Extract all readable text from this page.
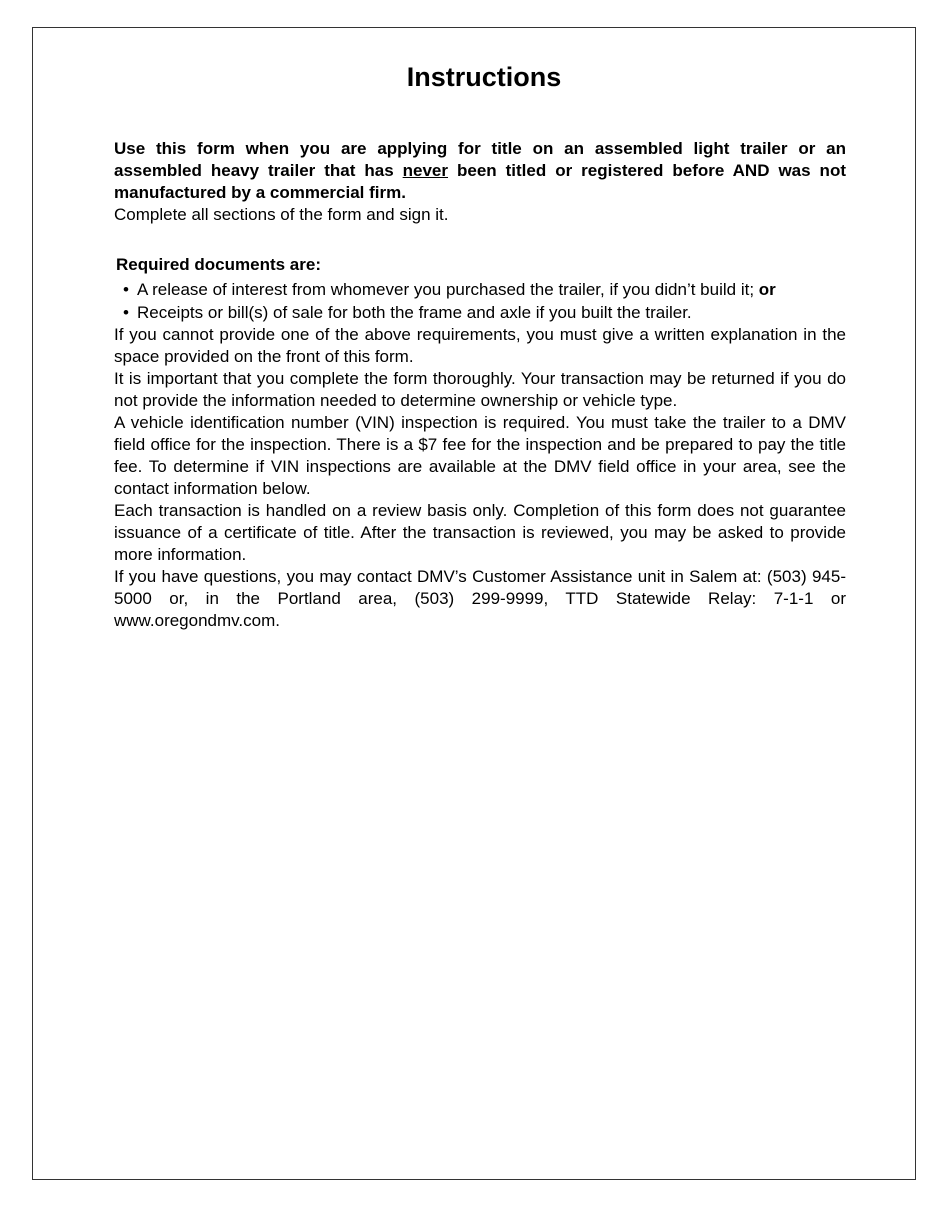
Instructions

Use this form when you are applying for title on an assembled light trailer or an assembled heavy trailer that has never been titled or registered before AND was not manufactured by a commercial firm.

Complete all sections of the form and sign it.

Required documents are:
• A release of interest from whomever you purchased the trailer, if you didn’t build it; or
• Receipts or bill(s) of sale for both the frame and axle if you built the trailer.

If you cannot provide one of the above requirements, you must give a written explanation in the space provided on the front of this form.

It is important that you complete the form thoroughly. Your transaction may be returned if you do not provide the information needed to determine ownership or vehicle type.

A vehicle identification number (VIN) inspection is required. You must take the trailer to a DMV field office for the inspection. There is a $7 fee for the inspection and be prepared to pay the title fee. To determine if VIN inspections are available at the DMV field office in your area, see the contact information below.

Each transaction is handled on a review basis only. Completion of this form does not guarantee issuance of a certificate of title. After the transaction is reviewed, you may be asked to provide more information.

If you have questions, you may contact DMV’s Customer Assistance unit in Salem at: (503) 945-5000 or, in the Portland area, (503) 299-9999, TTD Statewide Relay: 7-1-1 or www.oregondmv.com.
